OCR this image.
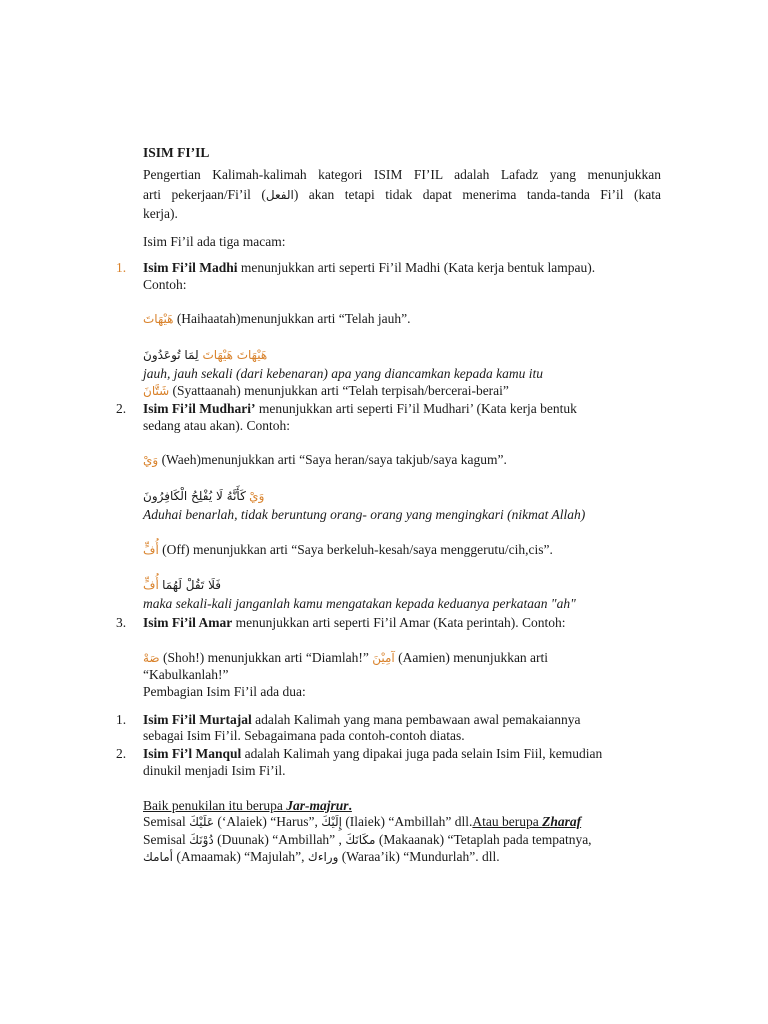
ISIM FI’IL
Pengertian Kalimah-kalimah kategori ISIM FI’IL adalah Lafadz yang menunjukkan
arti pekerjaan/Fi’il (الفعل) akan tetapi tidak dapat menerima tanda-tanda Fi’il (kata
kerja).
Isim Fi’il ada tiga macam:
1. Isim Fi’il Madhi menunjukkan arti seperti Fi’il Madhi (Kata kerja bentuk lampau).
Contoh:
هَيْهَاتَ (Haihaatah)menunjukkan arti “Telah jauh”.
هَيْهَاتَ هَيْهَاتَ لِمَا تُوعَدُونَ
jauh, jauh sekali (dari kebenaran) apa yang diancamkan kepada kamu itu
شَتَّانَ (Syattaanah) menunjukkan arti “Telah terpisah/bercerai-berai”
2. Isim Fi’il Mudhari’ menunjukkan arti seperti Fi’il Mudhari’ (Kata kerja bentuk
sedang atau akan). Contoh:
وَيْ (Waeh)menunjukkan arti “Saya heran/saya takjub/saya kagum”.
وَيْ كَأَنَّهُ لَا يُفْلِحُ الْكَافِرُونَ
Aduhai benarlah, tidak beruntung orang- orang yang mengingkari (nikmat Allah)
أُفٍّ (Off) menunjukkan arti “Saya berkeluh-kesah/saya menggerutu/cih,cis”.
فَلَا تَقُلْ لَهُمَا أُفٍّ
maka sekali-kali janganlah kamu mengatakan kepada keduanya perkataan "ah"
3. Isim Fi’il Amar menunjukkan arti seperti Fi’il Amar (Kata perintah). Contoh:
صَهْ (Shoh!) menunjukkan arti “Diamlah!” آمِيْنَ (Aamien) menunjukkan arti
“Kabulkanlah!”
Pembagian Isim Fi’il ada dua:
1. Isim Fi’il Murtajal adalah Kalimah yang mana pembawaan awal pemakaiannya
sebagai Isim Fi’il. Sebagaimana pada contoh-contoh diatas.
2. Isim Fi’l Manqul adalah Kalimah yang dipakai juga pada selain Isim Fiil, kemudian
dinukil menjadi Isim Fi’il.
Baik penukilan itu berupa Jar-majrur.
Semisal عَلَيْكَ (‘Alaiek) “Harus”, إِلَيْكَ (Ilaiek) “Ambillah” dll.Atau berupa Zharaf
Semisal دُوْنَكَ (Duunak) “Ambillah” , مكَانَكَ (Makaanak) “Tetaplah pada tempatnya,
أمامك (Amaamak) “Majulah”, وراءك (Waraa’ik) “Mundurlah”. dll.
